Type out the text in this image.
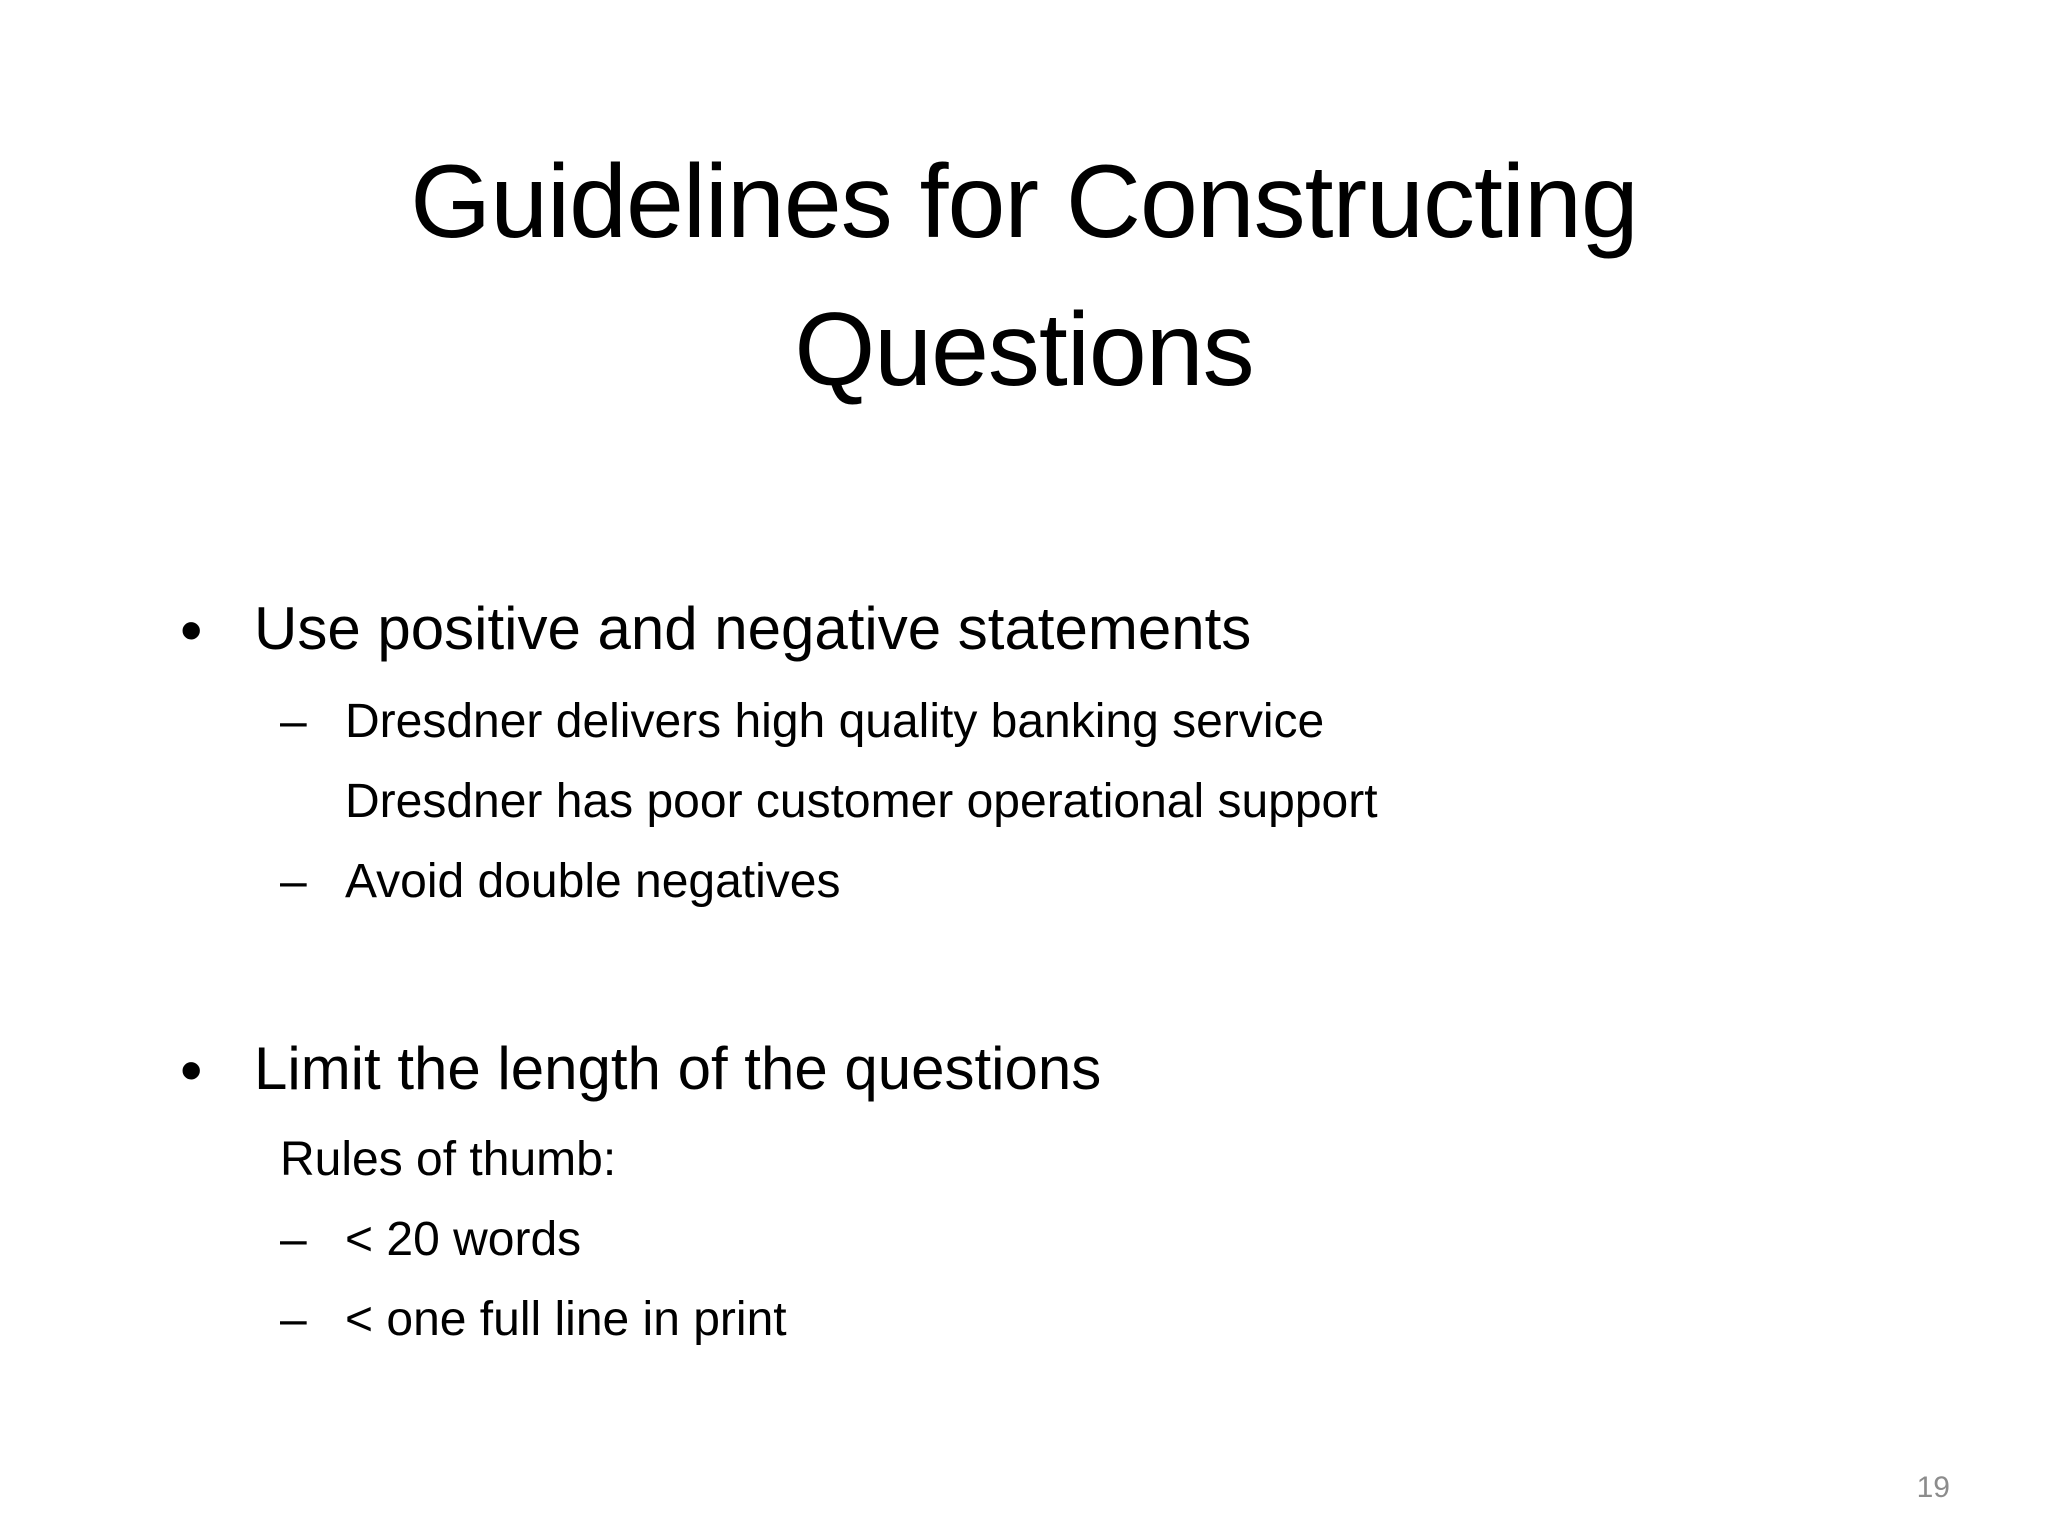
Guidelines for Constructing
Questions
• Use positive and negative statements
– Dresdner delivers high quality banking service
Dresdner has poor customer operational support
– Avoid double negatives
• Limit the length of the questions
Rules of thumb:
– < 20 words
– < one full line in print
19
